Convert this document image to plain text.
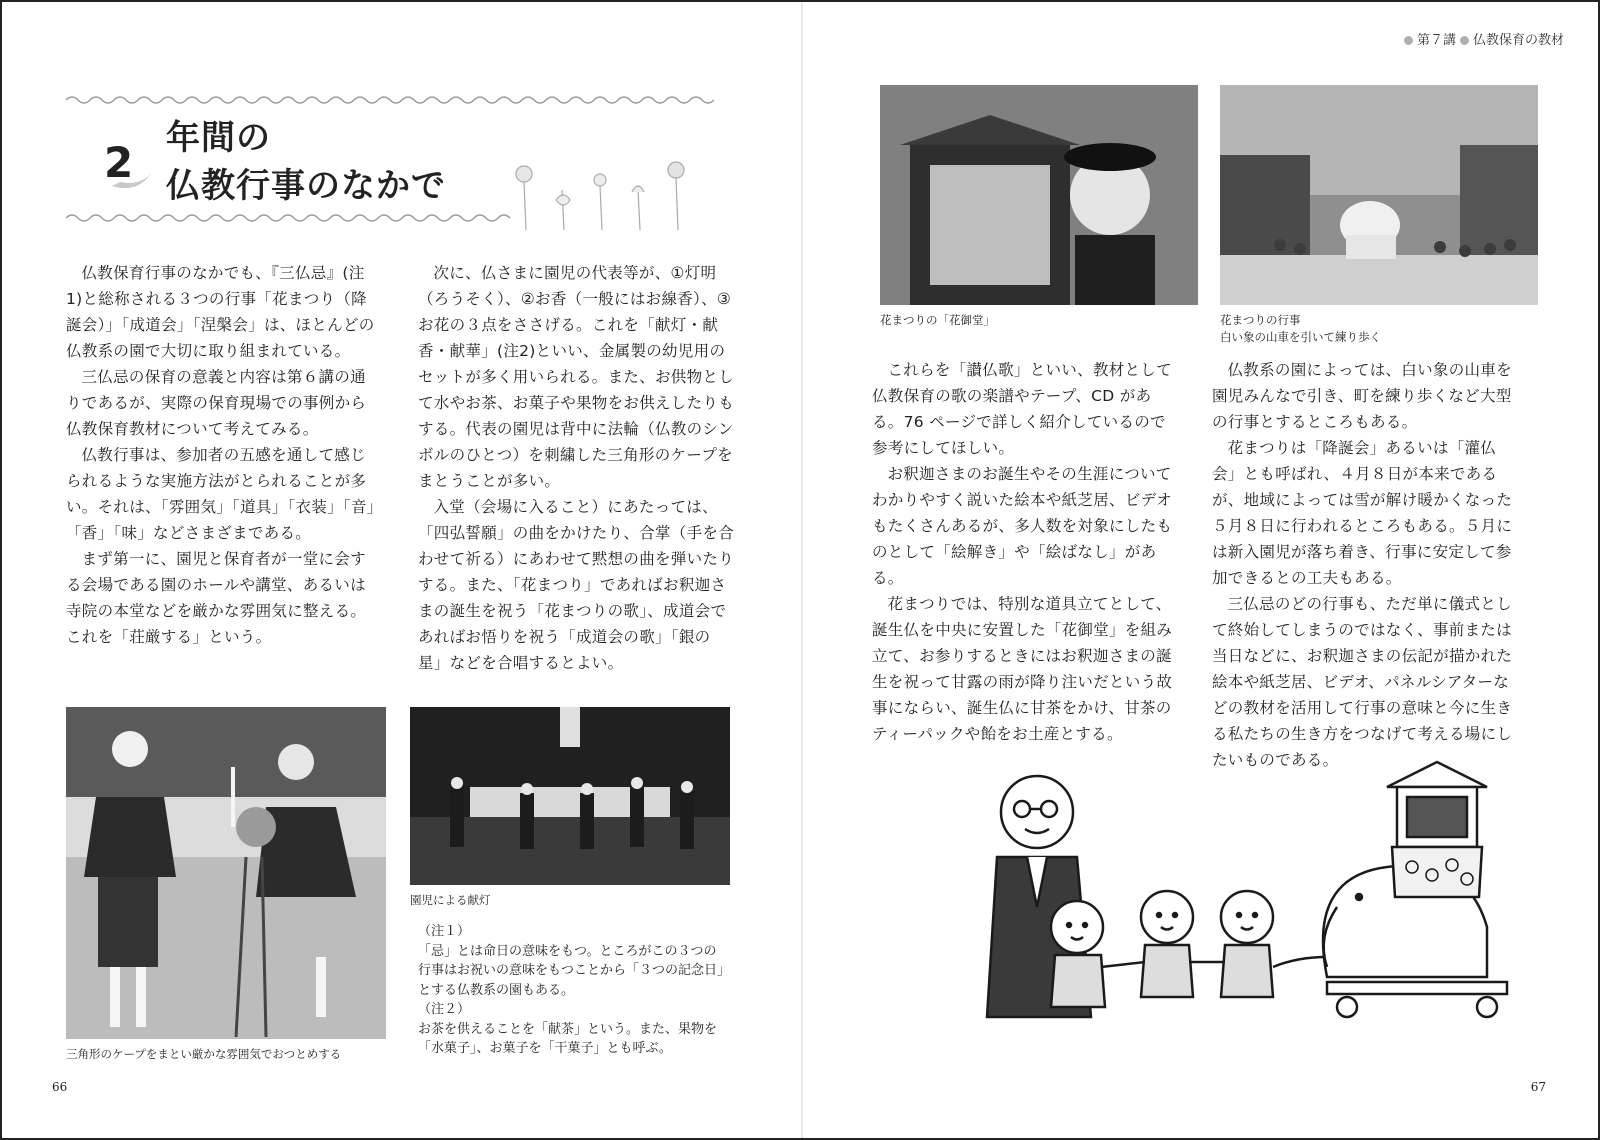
第７講 仏教保育の教材
2 年間の
仏教行事のなかで

仏教保育行事のなかでも、『三仏忌』(注1)と総称される３つの行事「花まつり（降誕会）」「成道会」「涅槃会」は、ほとんどの仏教系の園で大切に取り組まれている。

三仏忌の保育の意義と内容は第６講の通りであるが、実際の保育現場での事例から仏教保育教材について考えてみる。

仏教行事は、参加者の五感を通して感じられるような実施方法がとられることが多い。それは、「雰囲気」「道具」「衣装」「音」「香」「味」などさまざまである。

まず第一に、園児と保育者が一堂に会する会場である園のホールや講堂、あるいは寺院の本堂などを厳かな雰囲気に整える。これを「荘厳する」という。

次に、仏さまに園児の代表等が、①灯明（ろうそく）、②お香（一般にはお線香）、③お花の３点をささげる。これを「献灯・献香・献華」(注2)といい、金属製の幼児用のセットが多く用いられる。また、お供物として水やお茶、お菓子や果物をお供えしたりもする。代表の園児は背中に法輪（仏教のシンボルのひとつ）を刺繍した三角形のケープをまとうことが多い。

入堂（会場に入ること）にあたっては、「四弘誓願」の曲をかけたり、合掌（手を合わせて祈る）にあわせて黙想の曲を弾いたりする。また、「花まつり」であればお釈迦さまの誕生を祝う「花まつりの歌」、成道会であればお悟りを祝う「成道会の歌」「銀の星」などを合唱するとよい。

これらを「讃仏歌」といい、教材として仏教保育の歌の楽譜やテープ、CD がある。76 ページで詳しく紹介しているので参考にしてほしい。

お釈迦さまのお誕生やその生涯についてわかりやすく説いた絵本や紙芝居、ビデオもたくさんあるが、多人数を対象にしたものとして「絵解き」や「絵ばなし」がある。

花まつりでは、特別な道具立てとして、誕生仏を中央に安置した「花御堂」を組み立て、お参りするときにはお釈迦さまの誕生を祝って甘露の雨が降り注いだという故事にならい、誕生仏に甘茶をかけ、甘茶のティーパックや飴をお土産とする。

仏教系の園によっては、白い象の山車を園児みんなで引き、町を練り歩くなど大型の行事とするところもある。

花まつりは「降誕会」あるいは「灌仏会」とも呼ばれ、４月８日が本来であるが、地域によっては雪が解け暖かくなった５月８日に行われるところもある。５月には新入園児が落ち着き、行事に安定して参加できるとの工夫もある。

三仏忌のどの行事も、ただ単に儀式として終始してしまうのではなく、事前または当日などに、お釈迦さまの伝記が描かれた絵本や紙芝居、ビデオ、パネルシアターなどの教材を活用して行事の意味と今に生きる私たちの生き方をつなげて考える場にしたいものである。

花まつりの「花御堂」	花まつりの行事
白い象の山車を引いて練り歩く
三角形のケープをまとい厳かな雰囲気でおつとめする
園児による献灯
（注１）
「忌」とは命日の意味をもつ。ところがこの３つの行事はお祝いの意味をもつことから「３つの記念日」とする仏教系の園もある。
（注２）
お茶を供えることを「献茶」という。また、果物を「水菓子」、お菓子を「干菓子」とも呼ぶ。
66	67
